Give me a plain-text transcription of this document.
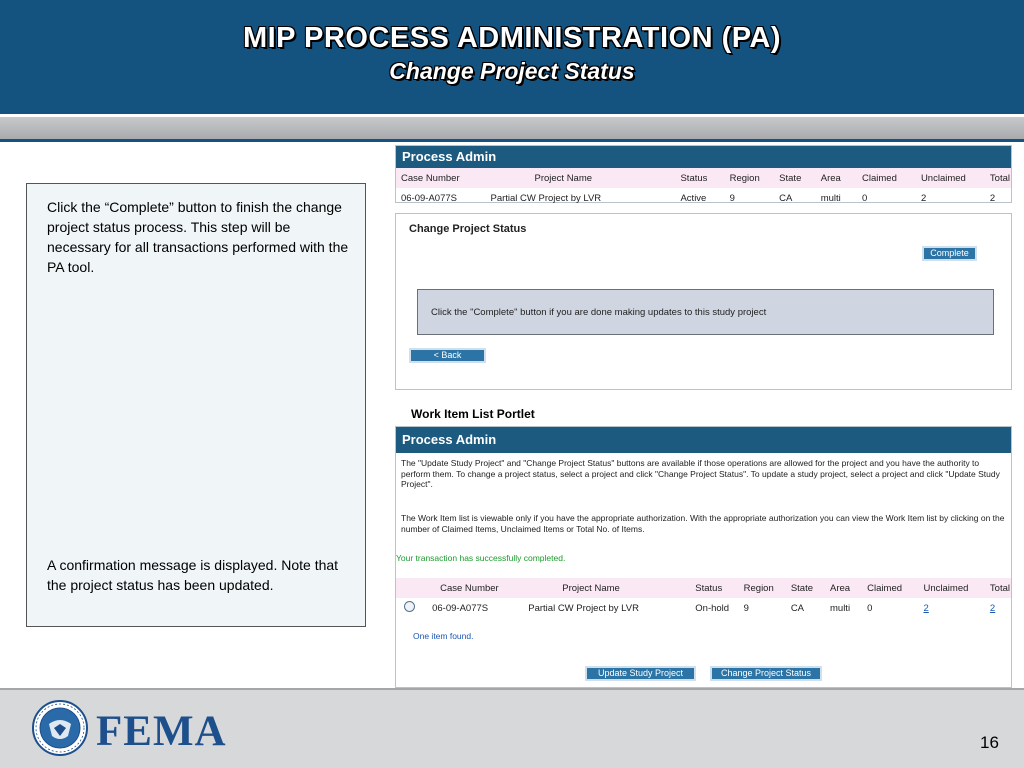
MIP PROCESS ADMINISTRATION (PA)
Change Project Status

Click the “Complete” button to finish the change project status process. This step will be necessary for all transactions performed with the PA tool.

A confirmation message is displayed. Note that the project status has been updated.

Process Admin
Case Number	Project Name	Status	Region	State	Area	Claimed	Unclaimed	Total
06-09-A077S	Partial CW Project by LVR	Active	9	CA	multi	0	2	2
Change Project Status
Complete
Click the "Complete" button if you are done making updates to this study project
< Back
Work Item List Portlet
Process Admin
The "Update Study Project" and "Change Project Status" buttons are available if those operations are allowed for the project and you have the authority to perform them. To change a project status, select a project and click "Change Project Status". To update a study project, select a project and click "Update Study Project".
The Work Item list is viewable only if you have the appropriate authorization. With the appropriate authorization you can view the Work Item list by clicking on the number of Claimed Items, Unclaimed Items or Total No. of Items.
Your transaction has successfully completed.
	Case Number	Project Name	Status	Region	State	Area	Claimed	Unclaimed	Total
	06-09-A077S	Partial CW Project by LVR	On-hold	9	CA	multi	0	2	2
One item found.
Update Study Project	Change Project Status
FEMA	16
